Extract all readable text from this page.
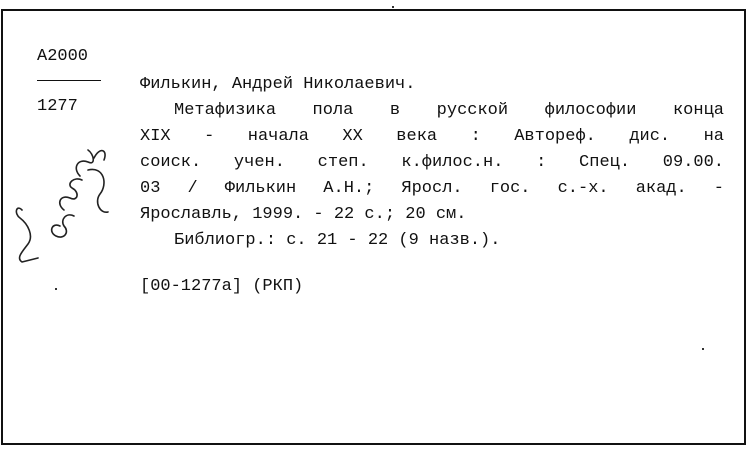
A2000
1277
Филькин, Андрей Николаевич.
Метафизика пола в русской философии конца
XIX - начала XX века : Автореф. дис. на
соиск. учен. степ. к.филос.н. : Спец. 09.00.
03 / Филькин А.Н.; Яросл. гос. с.-х. акад. -
Ярославль, 1999. - 22 с.; 20 см.
Библиогр.: с. 21 - 22 (9 назв.).
[00-1277а] (РКП)
